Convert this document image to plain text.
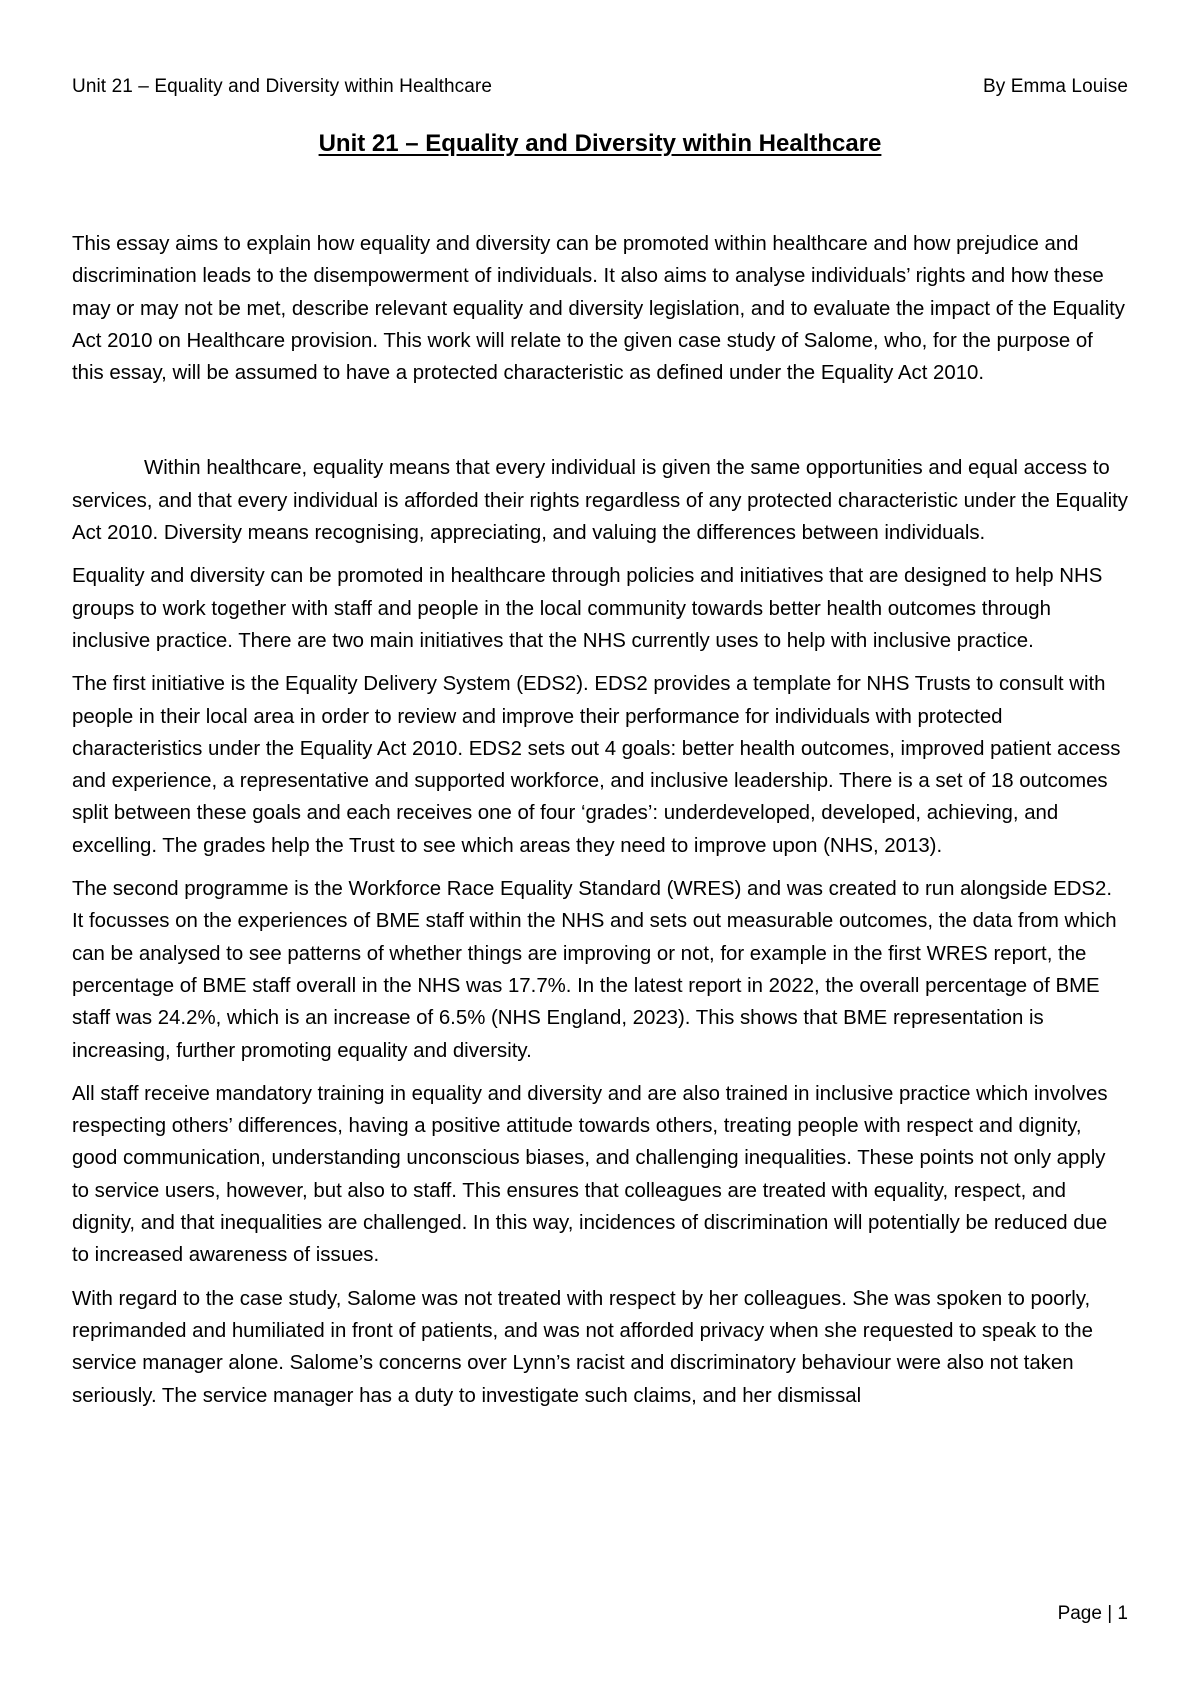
Unit 21 – Equality and Diversity within Healthcare	By Emma Louise
Unit 21 – Equality and Diversity within Healthcare

This essay aims to explain how equality and diversity can be promoted within healthcare and how prejudice and discrimination leads to the disempowerment of individuals. It also aims to analyse individuals’ rights and how these may or may not be met, describe relevant equality and diversity legislation, and to evaluate the impact of the Equality Act 2010 on Healthcare provision. This work will relate to the given case study of Salome, who, for the purpose of this essay, will be assumed to have a protected characteristic as defined under the Equality Act 2010.

Within healthcare, equality means that every individual is given the same opportunities and equal access to services, and that every individual is afforded their rights regardless of any protected characteristic under the Equality Act 2010. Diversity means recognising, appreciating, and valuing the differences between individuals.

Equality and diversity can be promoted in healthcare through policies and initiatives that are designed to help NHS groups to work together with staff and people in the local community towards better health outcomes through inclusive practice. There are two main initiatives that the NHS currently uses to help with inclusive practice.

The first initiative is the Equality Delivery System (EDS2). EDS2 provides a template for NHS Trusts to consult with people in their local area in order to review and improve their performance for individuals with protected characteristics under the Equality Act 2010. EDS2 sets out 4 goals: better health outcomes, improved patient access and experience, a representative and supported workforce, and inclusive leadership. There is a set of 18 outcomes split between these goals and each receives one of four ‘grades’: underdeveloped, developed, achieving, and excelling. The grades help the Trust to see which areas they need to improve upon (NHS, 2013).

The second programme is the Workforce Race Equality Standard (WRES) and was created to run alongside EDS2. It focusses on the experiences of BME staff within the NHS and sets out measurable outcomes, the data from which can be analysed to see patterns of whether things are improving or not, for example in the first WRES report, the percentage of BME staff overall in the NHS was 17.7%. In the latest report in 2022, the overall percentage of BME staff was 24.2%, which is an increase of 6.5% (NHS England, 2023). This shows that BME representation is increasing, further promoting equality and diversity.

All staff receive mandatory training in equality and diversity and are also trained in inclusive practice which involves respecting others’ differences, having a positive attitude towards others, treating people with respect and dignity, good communication, understanding unconscious biases, and challenging inequalities. These points not only apply to service users, however, but also to staff. This ensures that colleagues are treated with equality, respect, and dignity, and that inequalities are challenged. In this way, incidences of discrimination will potentially be reduced due to increased awareness of issues.

With regard to the case study, Salome was not treated with respect by her colleagues. She was spoken to poorly, reprimanded and humiliated in front of patients, and was not afforded privacy when she requested to speak to the service manager alone. Salome’s concerns over Lynn’s racist and discriminatory behaviour were also not taken seriously. The service manager has a duty to investigate such claims, and her dismissal

Page | 1
